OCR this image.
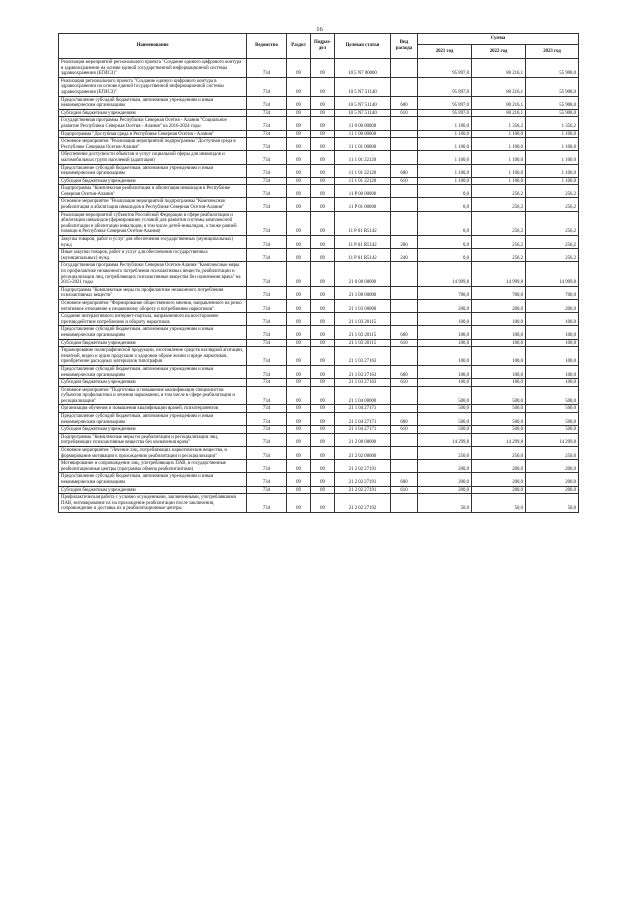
16
Наименование	Ведомство	Раздел	Подраз-дел	Целевая статья	Вид расхода	Сумма		
						2021 год	2022 год	2023 год
Реализация мероприятий регионального проекта "Создание единого цифрового контура в здравоохранении на основе единой государственной информационной системы здравоохранения (ЕГИСЗ)"	734	09	09	10 5 N7 00000		95 897,0	80 216,1	55 908,0
Реализация регионального проекта "Создание единого цифрового контура в здравоохранении на основе единой государственной информационной системы здравоохранения (ЕГИСЗ)"	734	09	09	10 5 N7 51140		95 897,0	80 216,1	55 908,0
Предоставление субсидий бюджетным, автономным учреждениям и иным некоммерческим организациям	734	09	09	10 5 N7 51140	600	95 897,0	80 216,1	55 908,0
Субсидии бюджетным учреждениям	734	09	09	10 5 N7 51140	610	95 897,0	80 216,1	55 908,0
Государственная программа Республики Северная Осетия - Алания "Социальное развитие Республики Северная Осетия - Алания" на 2016-2024 годы	734	09	09	11 0 00 00000		1 100,0	1 356,2	1 356,2
Подпрограмма "Доступная среда в Республике Северная Осетия - Алания"	734	09	09	11 1 00 00000		1 100,0	1 100,0	1 100,0
Основное мероприятие "Реализация мероприятий подпрограммы "Доступная среда в Республике Северная Осетия-Алания"	734	09	09	11 1 01 00000		1 100,0	1 100,0	1 100,0
Обеспечение доступности объектов и услуг социальной сферы для инвалидов и маломобильных групп населений (адаптация)	734	09	09	11 1 01 22120		1 100,0	1 100,0	1 100,0
Предоставление субсидий бюджетным, автономным учреждениям и иным некоммерческим организациям	734	09	09	11 1 01 22120	600	1 100,0	1 100,0	1 100,0
Субсидии бюджетным учреждениям	734	09	09	11 1 01 22120	610	1 100,0	1 100,0	1 100,0
Подпрограмма "Комплексная реабилитация и абилитация инвалидов в Республике Северная Осетия-Алания"	734	09	09	11 P 00 00000		0,0	256,2	256,2
Основное мероприятие "Реализация мероприятий подпрограммы "Комплексная реабилитация и абилитация инвалидов в Республике Северная Осетия-Алания"	734	09	09	11 P 01 00000		0,0	256,2	256,2
Реализация мероприятий субъектов Российской Федерации в сфере реабилитации и абилитации инвалидов (формирование условий для развития системы комплексной реабилитации и абилитации инвалидов, в том числе детей-инвалидов, а также ранней помощи в Республике Северная Осетия-Алания)	734	09	09	11 P 01 R5142		0,0	256,2	256,2
Закупка товаров, работ и услуг для обеспечения государственных (муниципальных) нужд	734	09	09	11 P 01 R5142	200	0,0	256,2	256,2
Иные закупки товаров, работ и услуг для обеспечения государственных (муниципальных) нужд	734	09	09	11 P 01 R5142	240	0,0	256,2	256,2
Государственная программа Республики Северная Осетия-Алания "Комплексные меры по профилактике незаконного потребления психоактивных веществ, реабилитации и ресоциализации лиц, потребляющих психоактивные вещества без назначения врача" на 2015-2021 годы	734	09	09	21 0 00 00000		14 999,8	14 999,8	14 999,8
Подпрограмма "Комплексные меры по профилактике незаконного потребления психоактивных веществ"	734	09	09	21 1 00 00000		700,0	700,0	700,0
Основное мероприятие "Формирование общественного мнения, направленного на резко негативное отношение к незаконному обороту и потреблению наркотиков"	734	09	09	21 1 03 00000		200,0	200,0	200,0
Создание интерактивного интернет-портала, направленного на всестороннее противодействие потреблению и обороту наркотиков	734	09	09	21 1 03 20115		100,0	100,0	100,0
Предоставление субсидий бюджетным, автономным учреждениям и иным некоммерческим организациям	734	09	09	21 1 03 20115	600	100,0	100,0	100,0
Субсидии бюджетным учреждениям	734	09	09	21 1 03 20115	610	100,0	100,0	100,0
Тиражирование полиграфической продукции, изготовление средств наглядной агитации, печатной, видео и аудио продукции о здоровом образе жизни и вреде наркотиков, приобретение расходных материалов типографии	734	09	09	21 1 03 27163		100,0	100,0	100,0
Предоставление субсидий бюджетным, автономным учреждениям и иным некоммерческим организациям	734	09	09	21 1 03 27163	600	100,0	100,0	100,0
Субсидии бюджетным учреждениям	734	09	09	21 1 03 27163	610	100,0	100,0	100,0
Основное мероприятие "Подготовка и повышение квалификации специалистов субъектов профилактики и лечения наркомании, в том числе в сфере реабилитации и ресоциализации"	734	09	09	21 1 04 00000		500,0	500,0	500,0
Организация обучения и повышения квалификации врачей, психотерапевтов	734	09	09	21 1 04 27171		500,0	500,0	500,0
Предоставление субсидий бюджетным, автономным учреждениям и иным некоммерческим организациям	734	09	09	21 1 04 27171	600	500,0	500,0	500,0
Субсидии бюджетным учреждениям	734	09	09	21 1 04 27171	610	500,0	500,0	500,0
Подпрограмма "Комплексные меры по реабилитации и ресоциализации лиц, потребляющих психоактивные вещества без назначения врача"	734	09	09	21 2 00 00000		14 299,8	14 299,8	14 299,8
Основное мероприятие "Лечение лиц, потребляющих наркотические вещества, и формирование мотивации к прохождению реабилитации и ресоциализации"	734	09	09	21 2 02 00000		250,0	250,0	250,0
Мотивирование и сопровождение лиц, употребляющих ПАВ, в государственные реабилитационные центры (программа обмена реабилитантами)	734	09	09	21 2 02 27191		200,0	200,0	200,0
Предоставление субсидий бюджетным, автономным учреждениям и иным некоммерческим организациям	734	09	09	21 2 02 27191	600	200,0	200,0	200,0
Субсидии бюджетным учреждениям	734	09	09	21 2 02 27191	610	200,0	200,0	200,0
Профилактическая работа с условно осужденными, заключенными, употреблявшими ПАВ, мотивирование их на прохождение реабилитации после заключения, сопровождение и доставка их в реабилитационные центры	734	09	09	21 2 02 27192		50,0	50,0	50,0
